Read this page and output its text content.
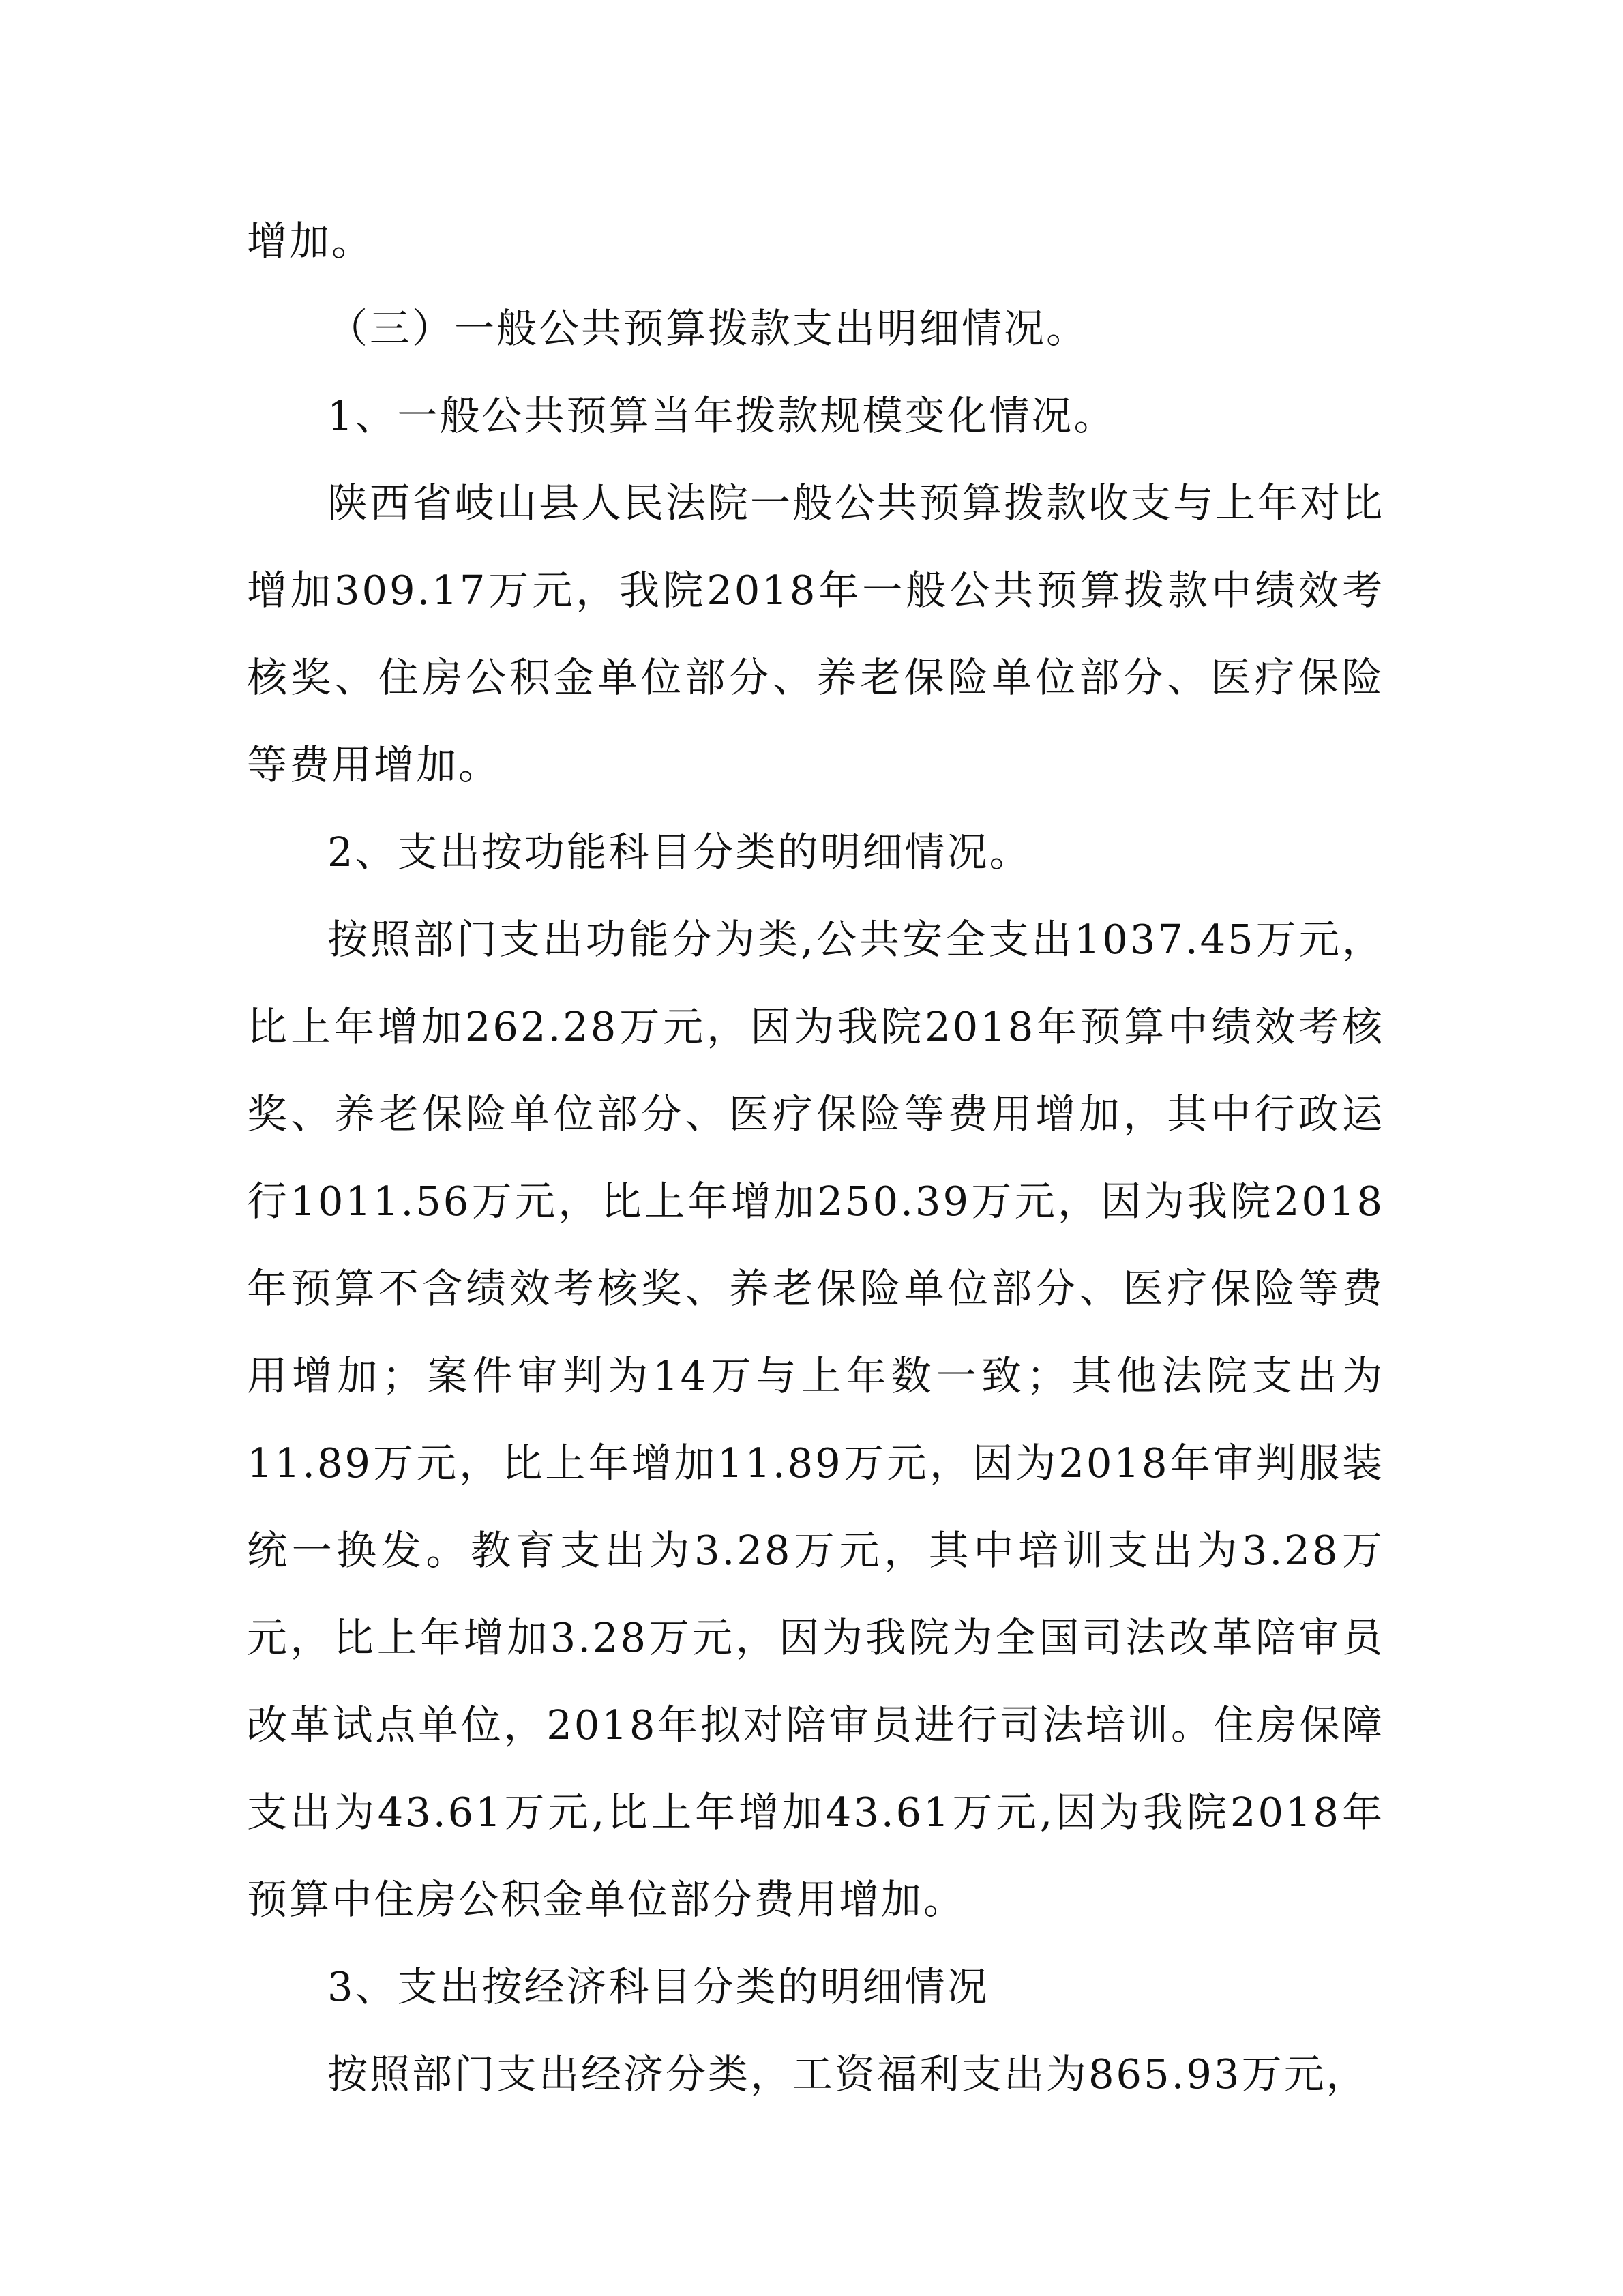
增加。

（三）一般公共预算拨款支出明细情况。

1、一般公共预算当年拨款规模变化情况。

陕西省岐山县人民法院一般公共预算拨款收支与上年对比增加309.17万元，我院2018年一般公共预算拨款中绩效考核奖、住房公积金单位部分、养老保险单位部分、医疗保险等费用增加。

2、支出按功能科目分类的明细情况。

按照部门支出功能分为类,公共安全支出1037.45万元，比上年增加262.28万元，因为我院2018年预算中绩效考核奖、养老保险单位部分、医疗保险等费用增加，其中行政运行1011.56万元，比上年增加250.39万元，因为我院2018年预算不含绩效考核奖、养老保险单位部分、医疗保险等费用增加；案件审判为14万与上年数一致；其他法院支出为11.89万元，比上年增加11.89万元，因为2018年审判服装统一换发。教育支出为3.28万元，其中培训支出为3.28万元，比上年增加3.28万元，因为我院为全国司法改革陪审员改革试点单位，2018年拟对陪审员进行司法培训。住房保障支出为43.61万元,比上年增加43.61万元,因为我院2018年预算中住房公积金单位部分费用增加。

3、支出按经济科目分类的明细情况

按照部门支出经济分类，工资福利支出为865.93万元，
